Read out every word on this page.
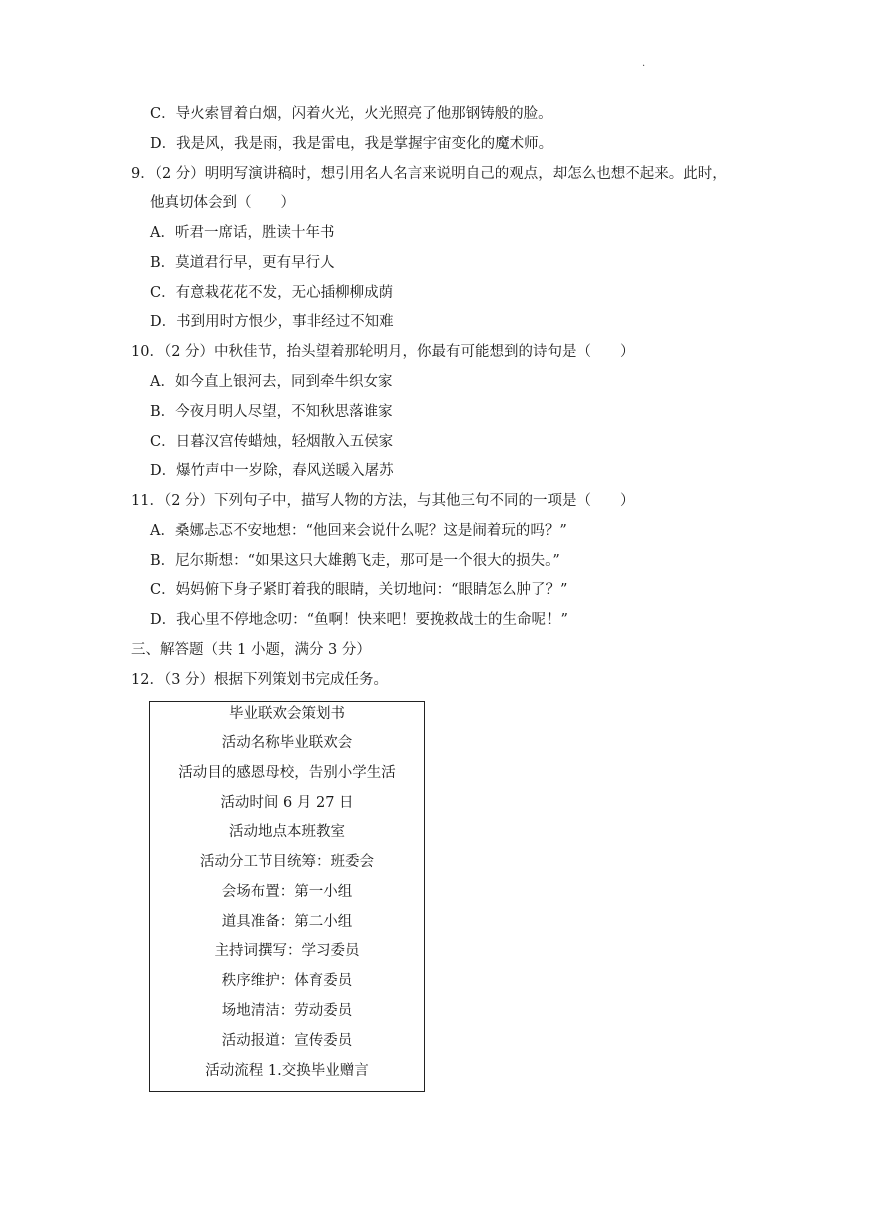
.
C．导火索冒着白烟，闪着火光，火光照亮了他那钢铸般的脸。
D．我是风，我是雨，我是雷电，我是掌握宇宙变化的魔术师。
9．（2 分）明明写演讲稿时，想引用名人名言来说明自己的观点，却怎么也想不起来。此时，
他真切体会到（　　）
A．听君一席话，胜读十年书
B．莫道君行早，更有早行人
C．有意栽花花不发，无心插柳柳成荫
D．书到用时方恨少，事非经过不知难
10．（2 分）中秋佳节，抬头望着那轮明月，你最有可能想到的诗句是（　　）
A．如今直上银河去，同到牵牛织女家
B．今夜月明人尽望，不知秋思落谁家
C．日暮汉宫传蜡烛，轻烟散入五侯家
D．爆竹声中一岁除，春风送暖入屠苏
11．（2 分）下列句子中，描写人物的方法，与其他三句不同的一项是（　　）
A．桑娜忐忑不安地想：“他回来会说什么呢？这是闹着玩的吗？”
B．尼尔斯想：“如果这只大雄鹅飞走，那可是一个很大的损失。”
C．妈妈俯下身子紧盯着我的眼睛，关切地问：“眼睛怎么肿了？”
D．我心里不停地念叨：“鱼啊！快来吧！要挽救战士的生命呢！”
三、解答题（共 1 小题，满分 3 分）
12．（3 分）根据下列策划书完成任务。
毕业联欢会策划书
活动名称毕业联欢会
活动目的感恩母校，告别小学生活
活动时间 6 月 27 日
活动地点本班教室
活动分工节目统筹：班委会
会场布置：第一小组
道具准备：第二小组
主持词撰写：学习委员
秩序维护：体育委员
场地清洁：劳动委员
活动报道：宣传委员
活动流程 1.交换毕业赠言
